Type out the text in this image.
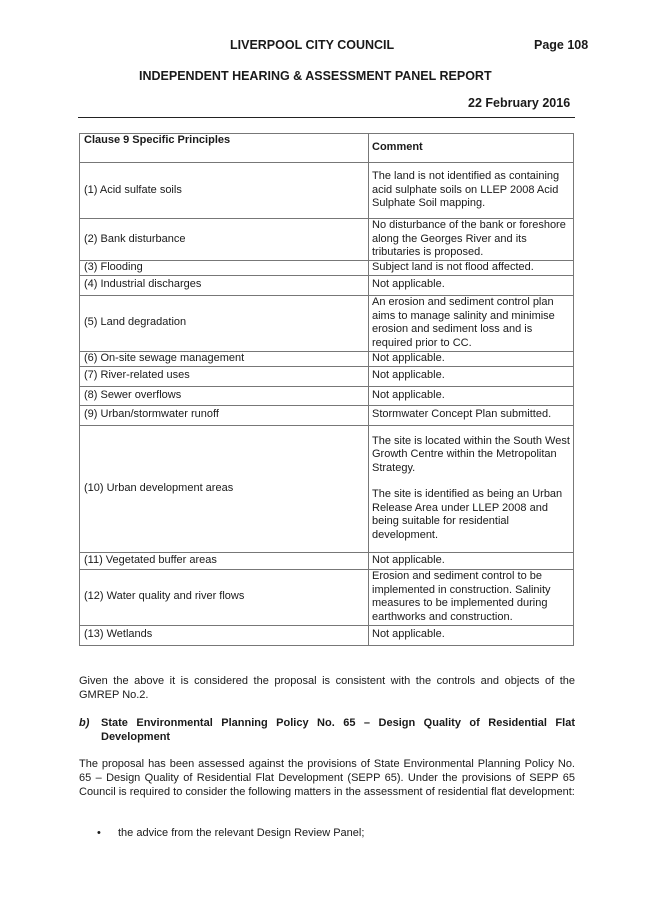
LIVERPOOL CITY COUNCIL	Page 108
INDEPENDENT HEARING & ASSESSMENT PANEL REPORT
22 February 2016
Clause 9 Specific Principles	Comment
(1) Acid sulfate soils	The land is not identified as containing acid sulphate soils on LLEP 2008 Acid Sulphate Soil mapping.

(2) Bank disturbance	No disturbance of the bank or foreshore along the Georges River and its tributaries is proposed.

(3) Flooding	Subject land is not flood affected.

(4) Industrial discharges	Not applicable.

(5) Land degradation	An erosion and sediment control plan aims to manage salinity and minimise erosion and sediment loss and is required prior to CC.

(6) On-site sewage management	Not applicable.

(7) River-related uses	Not applicable.

(8) Sewer overflows	Not applicable.

(9) Urban/stormwater runoff	Stormwater Concept Plan submitted.

(10) Urban development areas	The site is located within the South West Growth Centre within the Metropolitan Strategy.
The site is identified as being an Urban Release Area under LLEP 2008 and being suitable for residential development.

(11) Vegetated buffer areas	Not applicable.

(12) Water quality and river flows	Erosion and sediment control to be implemented in construction. Salinity measures to be implemented during earthworks and construction.

(13) Wetlands	Not applicable.
Given the above it is considered the proposal is consistent with the controls and objects of the GMREP No.2.
b)	State Environmental Planning Policy No. 65 – Design Quality of Residential Flat Development
The proposal has been assessed against the provisions of State Environmental Planning Policy No. 65 – Design Quality of Residential Flat Development (SEPP 65). Under the provisions of SEPP 65 Council is required to consider the following matters in the assessment of residential flat development:
• the advice from the relevant Design Review Panel;
